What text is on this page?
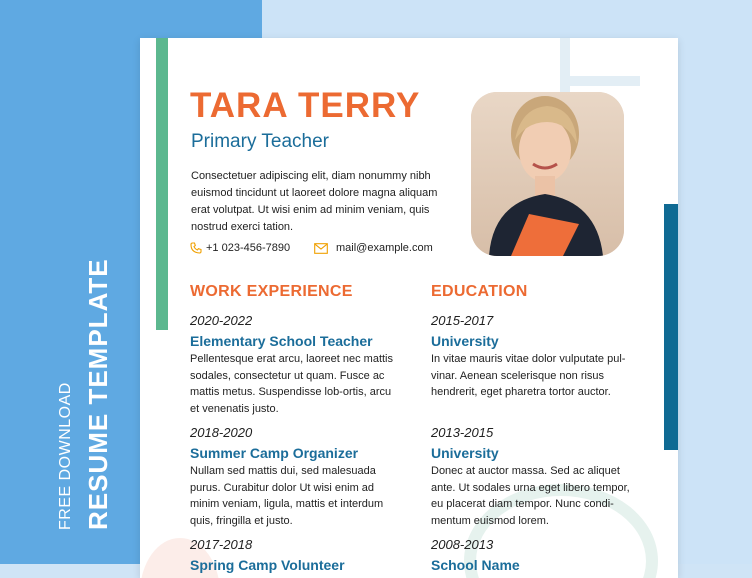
FREE DOWNLOAD RESUME TEMPLATE
TARA TERRY
Primary Teacher
Consectetuer adipiscing elit, diam nonummy nibh euismod tincidunt ut laoreet dolore magna aliquam erat volutpat. Ut wisi enim ad minim veniam, quis nostrud exerci tation.
+1 023-456-7890	mail@example.com
WORK EXPERIENCE	EDUCATION
2020-2022
Elementary School Teacher
Pellentesque erat arcu, laoreet nec mattis sodales, consectetur ut quam. Fusce ac mattis metus. Suspendisse lob-ortis, arcu et venenatis justo.
2018-2020
Summer Camp Organizer
Nullam sed mattis dui, sed malesuada purus. Curabitur dolor Ut wisi enim ad minim veniam, ligula, mattis et interdum quis, fringilla et justo.
2017-2018
Spring Camp Volunteer
2015-2017
University
In vitae mauris vitae dolor vulputate pul-vinar. Aenean scelerisque non risus hendrerit, eget pharetra tortor auctor.
2013-2015
University
Donec at auctor massa. Sed ac aliquet ante. Ut sodales urna eget libero tempor, eu placerat diam tempor. Nunc condi-mentum euismod lorem.
2008-2013
School Name
